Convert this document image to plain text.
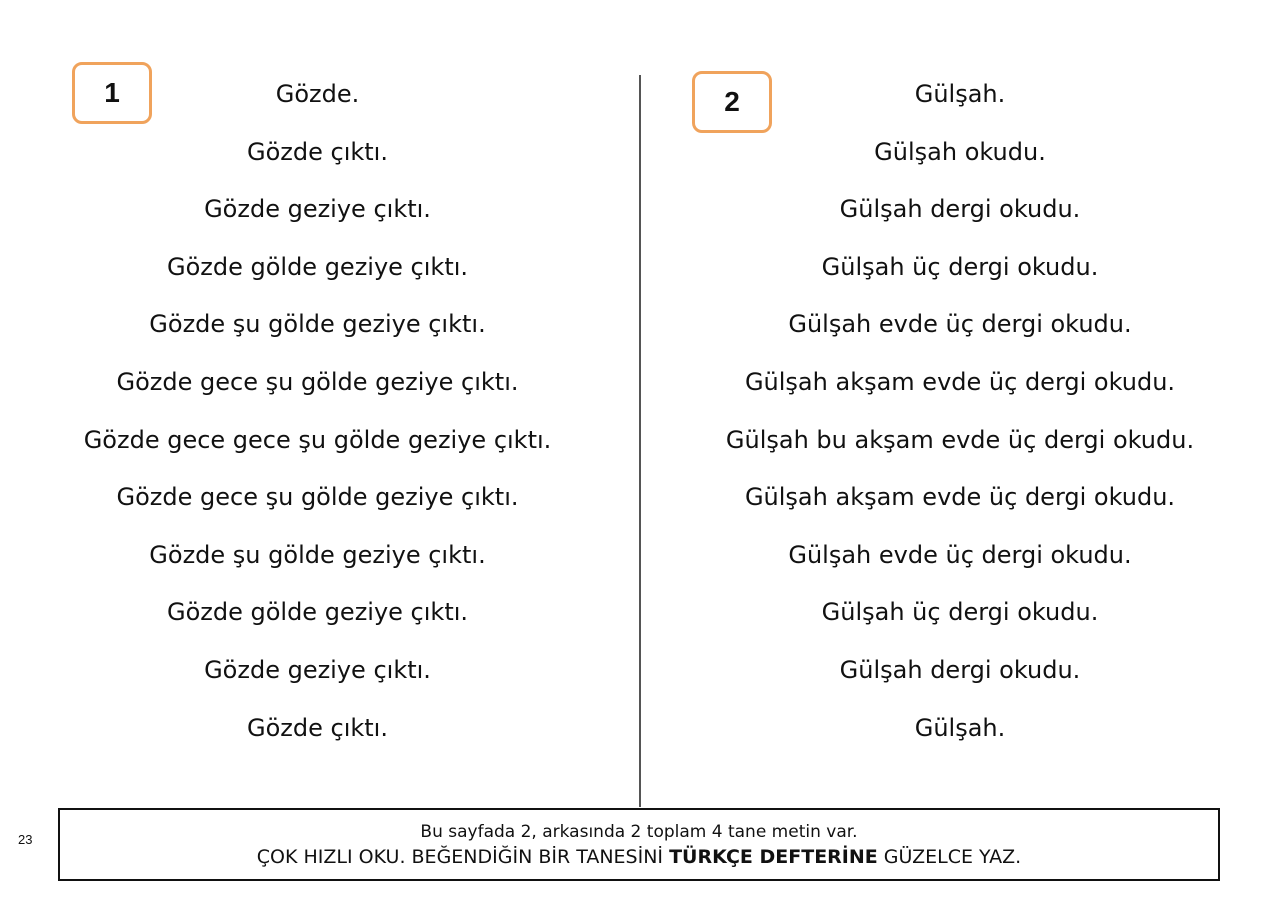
1	Gözde.
Gözde çıktı.
Gözde geziye çıktı.
Gözde gölde geziye çıktı.
Gözde şu gölde geziye çıktı.
Gözde gece şu gölde geziye çıktı.
Gözde gece gece şu gölde geziye çıktı.
Gözde gece şu gölde geziye çıktı.
Gözde şu gölde geziye çıktı.
Gözde gölde geziye çıktı.
Gözde geziye çıktı.
Gözde çıktı.
2	Gülşah.
Gülşah okudu.
Gülşah dergi okudu.
Gülşah üç dergi okudu.
Gülşah evde üç dergi okudu.
Gülşah akşam evde üç dergi okudu.
Gülşah bu akşam evde üç dergi okudu.
Gülşah akşam evde üç dergi okudu.
Gülşah evde üç dergi okudu.
Gülşah üç dergi okudu.
Gülşah dergi okudu.
Gülşah.
23	Bu sayfada 2, arkasında 2 toplam 4 tane metin var.
ÇOK HIZLI OKU. BEĞENDİĞİN BİR TANESİNİ TÜRKÇE DEFTERİNE GÜZELCE YAZ.
